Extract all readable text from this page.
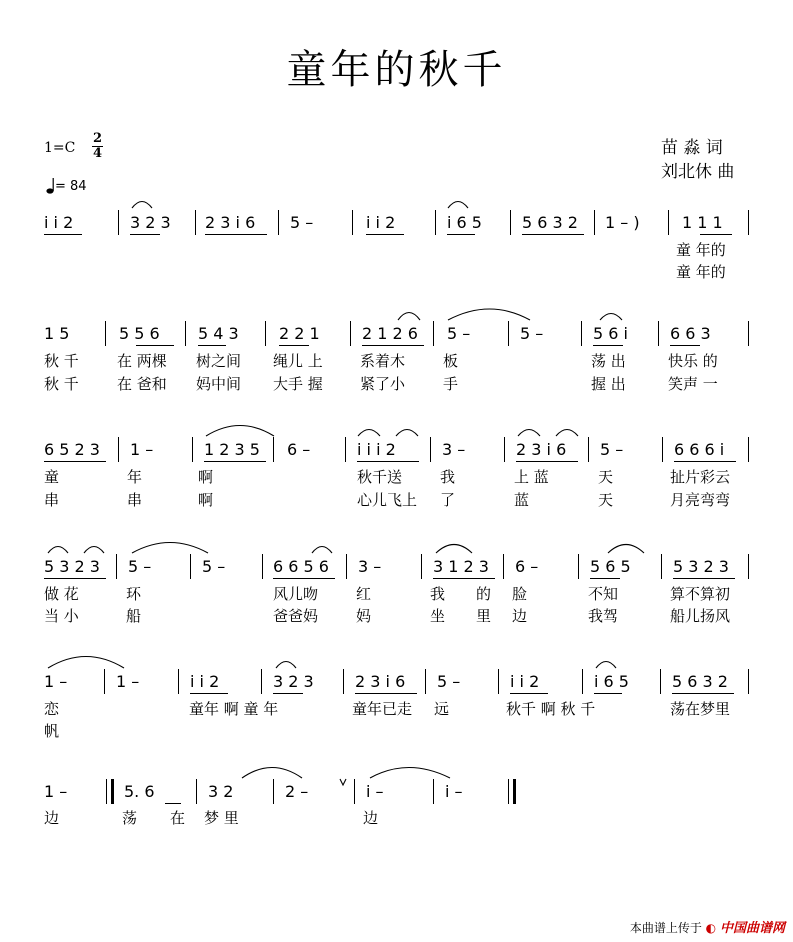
童年的秋千
1=C
2
4
= 84
苗 淼 词
刘北休 曲
i i 2	3 2 3 2 3 i 6 5 –	i i 2	i 6 5	5 6 3 2 1 – )	1 1 1
童 年的
童 年的
1 5	5 5 6 5 4 3	2 2 1	2 1 2 6 5 –	5 –	5 6 i	6 6 3
秋 千	在 两棵 树之间 绳儿 上 系着木	板	荡 出	快乐 的
秋 千	在 爸和 妈中间 大手 握 紧了小	手	握 出	笑声 一
6 5 2 3 1 –	1 2 3 5 6 –	i i i 2	3 –	2 3 i 6 5 –	6 6 6 i
童	年	啊	秋千送	我	上 蓝	天	扯片彩云
串	串	啊	心儿飞上 了	蓝	天	月亮弯弯
5 3 2 3 5 –	5 –	6 6 5 6 3 –	3 1 2 3 6 –	5 6 5	5 3 2 3
做 花	环	风儿吻	红	我 的 脸	不知	算不算初
当 小	船	爸爸妈	妈	坐 里 边	我驾	船儿扬风
1 –	1 –	i i 2	3 2 3	2 3 i 6 5 –	i i 2	i 6 5	5 6 3 2
恋	童年 啊 童 年	童年已走 远	秋千 啊 秋 千	荡在梦里
帆
1 –	5. 6	3 2	2 –	i –	i –
边	荡 在 梦 里	边
本曲谱上传于 ◐ 中国曲谱网
